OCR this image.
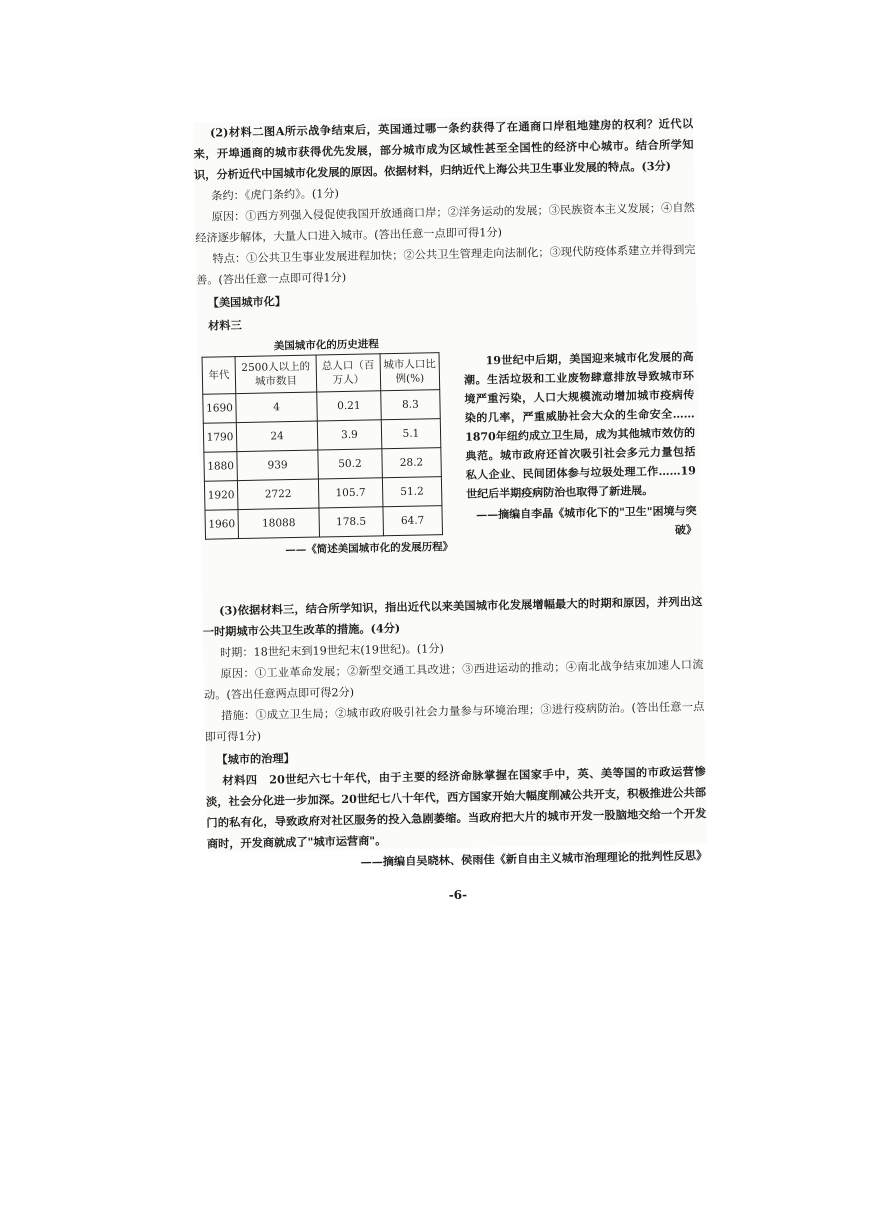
(2)材料二图A所示战争结束后，英国通过哪一条约获得了在通商口岸租地建房的权利？近代以来，开埠通商的城市获得优先发展，部分城市成为区域性甚至全国性的经济中心城市。结合所学知识，分析近代中国城市化发展的原因。依据材料，归纳近代上海公共卫生事业发展的特点。(3分)

条约：《虎门条约》。(1分)

原因：①西方列强入侵促使我国开放通商口岸；②洋务运动的发展；③民族资本主义发展；④自然经济逐步解体，大量人口进入城市。(答出任意一点即可得1分)

特点：①公共卫生事业发展进程加快；②公共卫生管理走向法制化；③现代防疫体系建立并得到完善。(答出任意一点即可得1分)

【美国城市化】

材料三

美国城市化的历史进程
年代	2500人以上的城市数目	总人口（百万人）	城市人口比例(%)
1690	4	0.21	8.3
1790	24	3.9	5.1
1880	939	50.2	28.2
1920	2722	105.7	51.2
1960	18088	178.5	64.7
——《简述美国城市化的发展历程》
19世纪中后期，美国迎来城市化发展的高潮。生活垃圾和工业废物肆意排放导致城市环境严重污染，人口大规模流动增加城市疫病传染的几率，严重威胁社会大众的生命安全……1870年纽约成立卫生局，成为其他城市效仿的典范。城市政府还首次吸引社会多元力量包括私人企业、民间团体参与垃圾处理工作……19世纪后半期疫病防治也取得了新进展。
——摘编自李晶《城市化下的"卫生"困境与突破》

(3)依据材料三，结合所学知识，指出近代以来美国城市化发展增幅最大的时期和原因，并列出这一时期城市公共卫生改革的措施。(4分)

时期：18世纪末到19世纪末(19世纪)。(1分)

原因：①工业革命发展；②新型交通工具改进；③西进运动的推动；④南北战争结束加速人口流动。(答出任意两点即可得2分)

措施：①成立卫生局；②城市政府吸引社会力量参与环境治理；③进行疫病防治。(答出任意一点即可得1分)

【城市的治理】

材料四　20世纪六七十年代，由于主要的经济命脉掌握在国家手中，英、美等国的市政运营惨淡，社会分化进一步加深。20世纪七八十年代，西方国家开始大幅度削减公共开支，积极推进公共部门的私有化，导致政府对社区服务的投入急剧萎缩。当政府把大片的城市开发一股脑地交给一个开发商时，开发商就成了"城市运营商"。

——摘编自吴晓林、侯雨佳《新自由主义城市治理理论的批判性反思》

-6-
